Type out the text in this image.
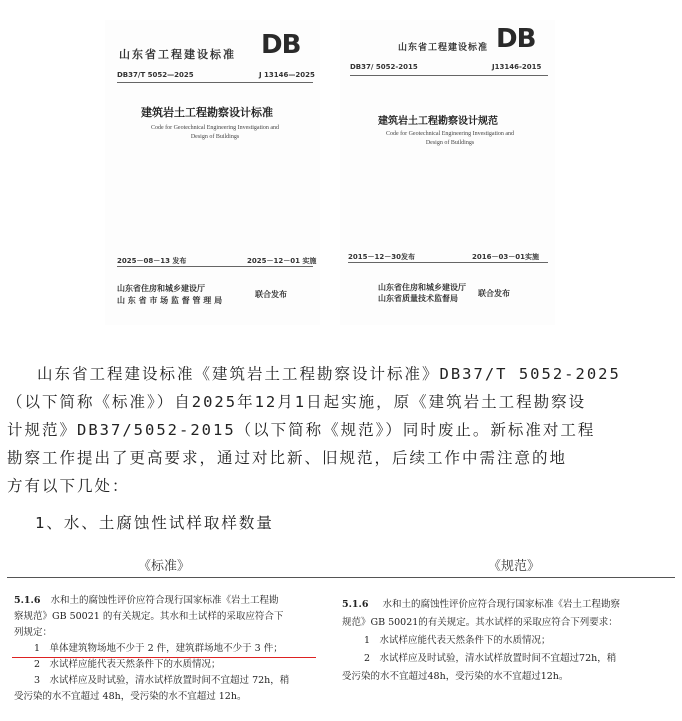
山东省工程建设标准 DB
DB37/T 5052—2025	J 13146—2025
建筑岩土工程勘察设计标准
Code for Geotechnical Engineering Investigation and
Design of Buildings
2025－08－13 发布	2025－12－01 实施
山东省住房和城乡建设厅
山 东 省 市 场 监 督 管 理 局
联合发布
山东省工程建设标准 DB
DB37/ 5052-2015	J13146-2015
建筑岩土工程勘察设计规范
Code for Geotechnical Engineering Investigation and
Design of Buildings
2015－12－30发布	2016－03－01实施
山东省住房和城乡建设厅
山东省质量技术监督局
联合发布
山东省工程建设标准《建筑岩土工程勘察设计标准》DB37/T 5052-2025
（以下简称《标准》）自2025年12月1日起实施，原《建筑岩土工程勘察设
计规范》DB37/5052-2015（以下简称《规范》）同时废止。新标准对工程
勘察工作提出了更高要求，通过对比新、旧规范，后续工作中需注意的地
方有以下几处：
1、水、土腐蚀性试样取样数量
《标准》	《规范》
5.1.6 水和土的腐蚀性评价应符合现行国家标准《岩土工程勘
察规范》GB 50021 的有关规定。其水和土试样的采取应符合下
列规定：
1　单体建筑物场地不少于 2 件，建筑群场地不少于 3 件；
2　水试样应能代表天然条件下的水质情况；
3　水试样应及时试验，清水试样放置时间不宜超过 72h，稍
受污染的水不宜超过 48h，受污染的水不宜超过 12h。
5.1.6 水和土的腐蚀性评价应符合现行国家标准《岩土工程勘察
规范》GB 50021的有关规定。其水试样的采取应符合下列要求：
1　水试样应能代表天然条件下的水质情况；
2　水试样应及时试验，清水试样放置时间不宜超过72h，稍
受污染的水不宜超过48h，受污染的水不宜超过12h。
